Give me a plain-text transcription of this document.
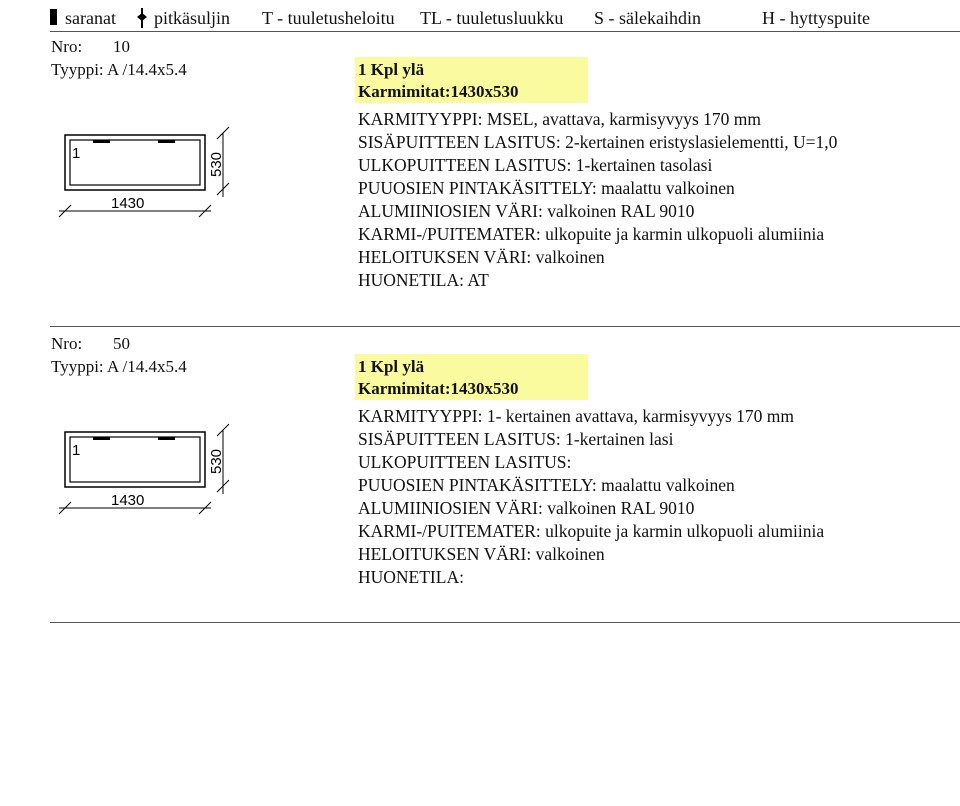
saranat	pitkäsuljin T - tuuletusheloitu TL - tuuletusluukku S - sälekaihdin	H - hyttyspuite
Nro: 10
Tyyppi: A /14.4x5.4	1 Kpl ylä
Karmimitat:1430x530
1	530
1430
KARMITYYPPI: MSEL, avattava, karmisyvyys 170 mm
SISÄPUITTEEN LASITUS: 2-kertainen eristyslasielementti, U=1,0
ULKOPUITTEEN LASITUS: 1-kertainen tasolasi
PUUOSIEN PINTAKÄSITTELY: maalattu valkoinen
ALUMIINIOSIEN VÄRI: valkoinen RAL 9010
KARMI-/PUITEMATER: ulkopuite ja karmin ulkopuoli alumiinia
HELOITUKSEN VÄRI: valkoinen
HUONETILA: AT
Nro: 50
Tyyppi: A /14.4x5.4	1 Kpl ylä
Karmimitat:1430x530
1	530
1430
KARMITYYPPI: 1- kertainen avattava, karmisyvyys 170 mm
SISÄPUITTEEN LASITUS: 1-kertainen lasi
ULKOPUITTEEN LASITUS:
PUUOSIEN PINTAKÄSITTELY: maalattu valkoinen
ALUMIINIOSIEN VÄRI: valkoinen RAL 9010
KARMI-/PUITEMATER: ulkopuite ja karmin ulkopuoli alumiinia
HELOITUKSEN VÄRI: valkoinen
HUONETILA:
